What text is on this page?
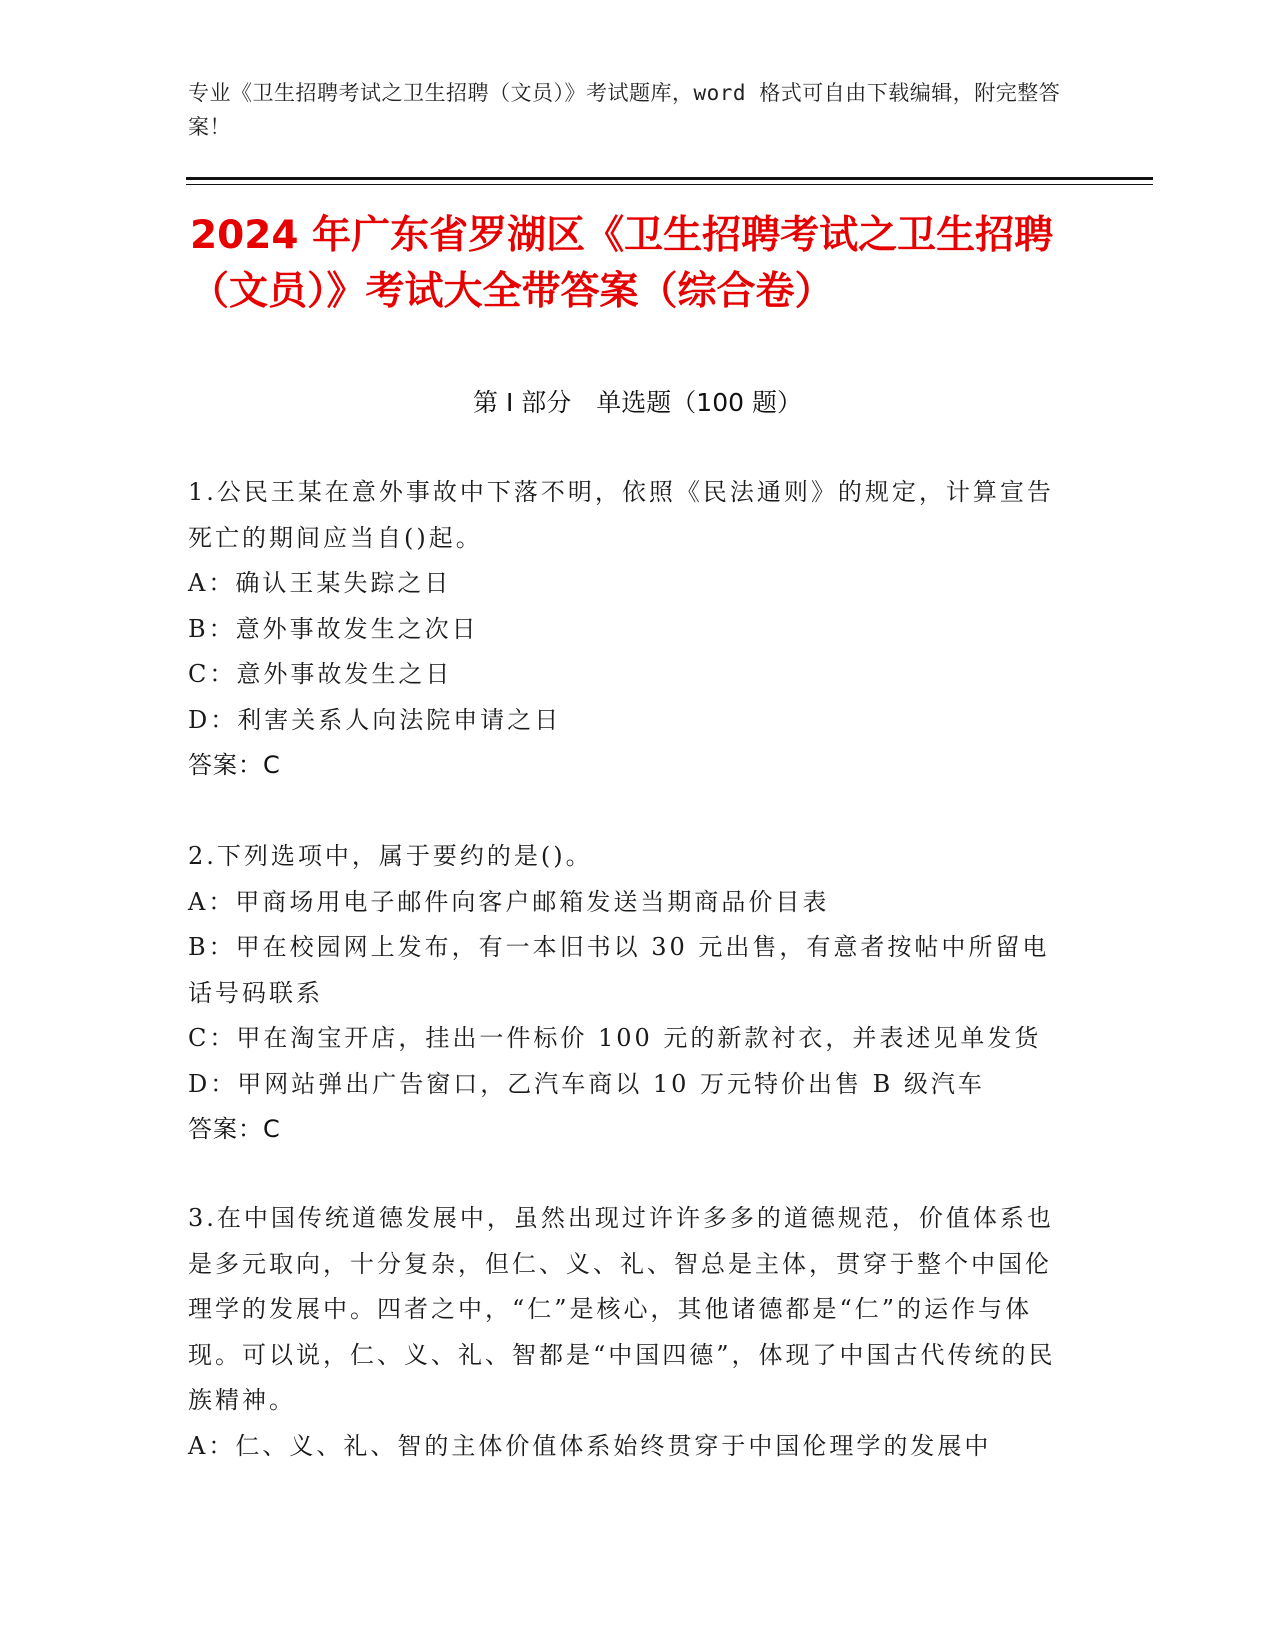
专业《卫生招聘考试之卫生招聘（文员）》考试题库，word 格式可自由下载编辑，附完整答案！
2024 年广东省罗湖区《卫生招聘考试之卫生招聘（文员）》考试大全带答案（综合卷）
第 I 部分　单选题（100 题）
1.公民王某在意外事故中下落不明，依照《民法通则》的规定，计算宣告死亡的期间应当自()起。
A：确认王某失踪之日
B：意外事故发生之次日
C：意外事故发生之日
D：利害关系人向法院申请之日
答案：C
2.下列选项中，属于要约的是()。
A：甲商场用电子邮件向客户邮箱发送当期商品价目表
B：甲在校园网上发布，有一本旧书以 30 元出售，有意者按帖中所留电话号码联系
C：甲在淘宝开店，挂出一件标价 100 元的新款衬衣，并表述见单发货
D：甲网站弹出广告窗口，乙汽车商以 10 万元特价出售 B 级汽车
答案：C
3.在中国传统道德发展中，虽然出现过许许多多的道德规范，价值体系也是多元取向，十分复杂，但仁、义、礼、智总是主体，贯穿于整个中国伦理学的发展中。四者之中，“仁”是核心，其他诸德都是“仁”的运作与体现。可以说，仁、义、礼、智都是“中国四德”，体现了中国古代传统的民族精神。
A：仁、义、礼、智的主体价值体系始终贯穿于中国伦理学的发展中
